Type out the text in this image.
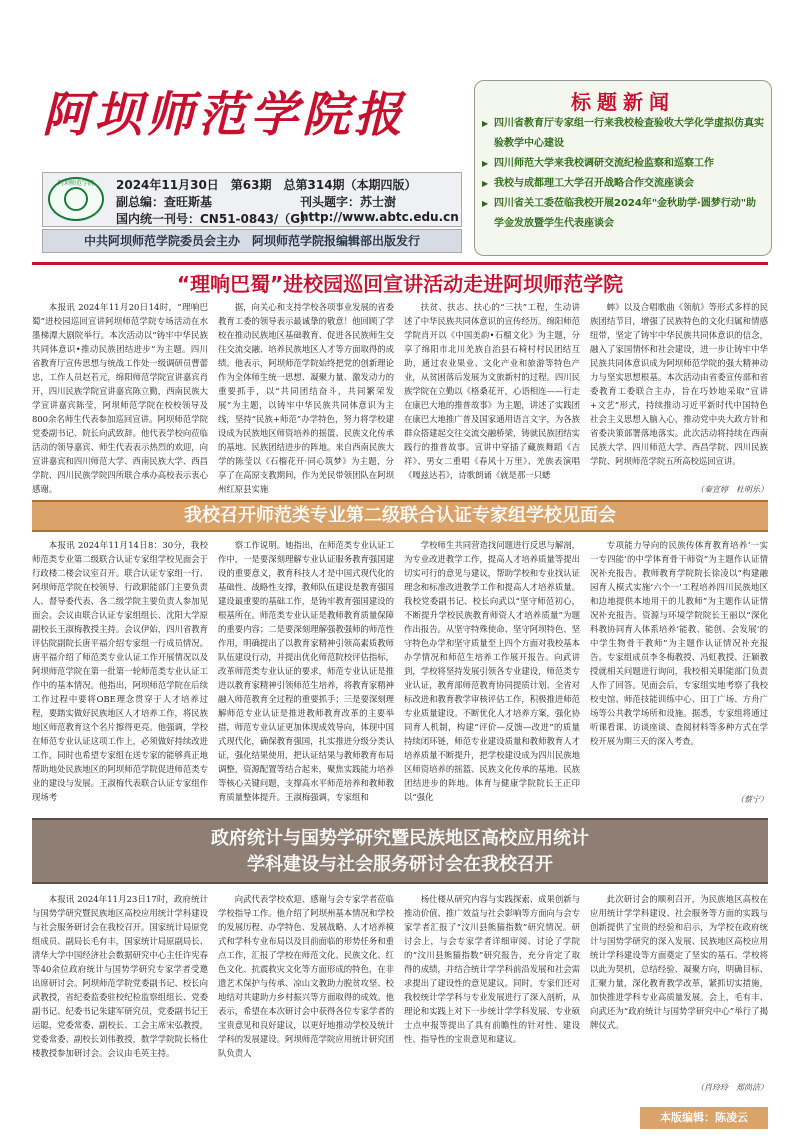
阿坝师范学院报
阿坝师范学院	2024年11月30日　第63期　总第314期（本期四版）
副总编：查旺斯基	刊头题字：苏士澍
国内统一刊号：CN51-0843/（G）
http://www.abtc.edu.cn
中共阿坝师范学院委员会主办　阿坝师范学院报编辑部出版发行
标题新闻
▶ 四川省教育厅专家组一行来我校检查验收大学化学虚拟仿真实验教学中心建设
▶ 四川师范大学来我校调研交流纪检监察和巡察工作
▶ 我校与成都理工大学召开战略合作交流座谈会
▶ 四川省关工委莅临我校开展2024年"金秋助学·圆梦行动"助学金发放暨学生代表座谈会
“理响巴蜀”进校园巡回宣讲活动走进阿坝师范学院

本报讯 2024年11月20日14时，“理响巴蜀”进校园巡回宣讲阿坝师范学院专场活动在水墨梯潭大剧院举行。本次活动以“铸牢中华民族共同体意识•推动民族团结进步”为主题。四川省教育厅宣传思想与统战工作处一级调研员曹蕾忠，工作人员赵若元，绵阳师范学院宣讲嘉宾肖开，四川民族学院宣讲嘉宾陈立勤，西南民族大学宣讲嘉宾陈莹，阿坝师范学院在校校领导及800余名师生代表参加巡回宣讲。阿坝师范学院党委副书记、院长向武致辞。他代表学校向莅临活动的领导嘉宾、师生代表表示热烈的欢迎，向宣讲嘉宾和四川师范大学、西南民族大学、西昌学院、四川民族学院四所联合承办高校表示衷心感谢。

据，向关心和支持学校各项事业发展的省委教育工委的领导表示最诚挚的敬意！他回顾了学校在推动民族地区基础教育、促进各民族师生交往交流交融、培养民族地区人才等方面取得的成绩。他表示，阿坝师范学院始终把党的创新理论作为全体师生统一思想、凝聚力量、激发动力的重要抓手，以“共同团结奋斗，共同繁荣发展”为主题，以铸牢中华民族共同体意识为主线，坚持“民族+师范”办学特色，努力将学校建设成为民族地区师资培养的摇篮、民族文化传承的基地、民族团结进步的阵地。来自西南民族大学的陈莹以《石榴花开·同心筑梦》为主题，分享了在高原支教期间，作为羌民带领团队在阿坝州红原县实施

扶贫、扶志、扶心的“三扶”工程，生动讲述了中华民族共同体意识的宣传经历。绵阳师范学院肖开以《中国美韵•石榴文化》为主题，分享了绵阳市北川羌族自治县石椅村村民团结互助，通过农业果业、文化产业和旅游等特色产业，从贫困落后发展为文旅新村的过程。四川民族学院在立勤以《格桑花开，心语相连——行走在康巴大地的推普故事》为主题，讲述了实践团在康巴大地推广普及国家通用语言文字，为各族群众搭建起交往交流交融桥梁，铸就民族团结实践行的推普故事。宣讲中穿插了藏族舞蹈《吉祥》、男女二重唱《春风十万里》、羌族表演唱《嘎兹达若》，诗歌朗诵《就是那一只蟋

蟀》以及合唱歌曲《领航》等形式多样的民族团结节目，增强了民族特色的文化归属和情感纽带，坚定了铸牢中华民族共同体意识的信念，融入了家国情怀和社会建设，进一步让铸牢中华民族共同体意识成为阿坝师范学院的强大精神动力与坚实思想根基。本次活动由省委宣传部和省委教育工委联合主办，旨在巧妙地采取“宣讲+文艺”形式，持续推动习近平新时代中国特色社会主义思想入脑入心，推动党中央大政方针和省委决策部署落地落实。此次活动将持续在西南民族大学、四川师范大学、西昌学院、四川民族学院、阿坝师范学院五所高校巡回宣讲。

（秦宣婷　杜明乐）
我校召开师范类专业第二级联合认证专家组学校见面会

本报讯 2024年11月14日8：30分，我校师范类专业第二级联合认证专家组学校见面会于行政楼二楼会议室召开。联合认证专家组一行、阿坝师范学院在校领导、行政职能部门主要负责人、督导委代表、各二级学院主要负责人参加见面会。会议由联合认证专家组组长、沈阳大学原副校长王淑梅教授主持。会议伊始，四川省教育评估院副院长唐平福介绍专家组一行成员情况。唐平福介绍了师范类专业认证工作开展情况以及阿坝师范学院在第一批第一轮师范类专业认证工作中的基本情况。他指出，阿坝师范学院在后续工作过程中要将OBE理念贯穿于人才培养过程，要踏实做好民族地区人才培养工作，将民族地区师范教育这个名片擦得更亮。他强调，学校在师范专业认证这项工作上，必须做好持续改进工作，同时也希望专家组在送专家的能够真正地帮助地处民族地区的阿坝师范学院促进师范类专业的建设与发展。王淑梅代表联合认证专家组作现场考

察工作说明。她指出，在师范类专业认证工作中，一是要深刻理解专业认证服务教育强国建设的重要意义，教育科技人才是中国式现代化的基础性、战略性支撑，教师队伍建设是教育强国建设最重要的基础工作，是铸牢教育强国建设的根基所在。师范类专业认证是教师教育质量保障的重要内容；二是要深刻理解强教强师的师范性作用，明确提出了以教育家精神引领高素质教师队伍建设行动，并提出优化师范院校评估指标，改革师范类专业认证的要求，师范专业认证是推进以教育家精神引领师范生培养，将教育家精神融入师范教育全过程的重要抓手；三是要深刻理解师范专业认证是推进教师教育改革的主要举措，师范专业认证更加体现成效导向，体现中国式现代化，确保教育强国，扎实推进分级分类认证，强化结果使用，把认证结果与教师教育布局调整，资源配置等结合起来，聚焦实践能力培养等核心关键问题，支撑高水平师范培养和教师教育质量整体提升。王淑梅强调，专家组和

学校师生共同营造找问题进行反思与解剖，为专业改进教学工作，提高人才培养质量等提出切实可行的意见与建议，帮助学校和专业找认证理念和标准改进教学工作和提高人才培养质量。我校党委副书记、校长向武以“坚守师范初心，不断提升学校民族教育师资人才培养质量”为题作出报告。从坚守特殊使命、坚守阿坝特色、坚守特色办学和坚守质量至上四个方面对我校基本办学情况和师范生培养工作展开报告。向武讲到，学校将坚持发展引领各专业建设，师范类专业认证，教育部师范教育协同提质计划、全省对标改进和教育教学审核评估工作，积极推进师范专业质量建设。不断优化人才培养方案，强化协同育人机制，构建“评价—反馈—改进”的质量持续闭环链，师范专业建设质量和教师教育人才培养质量不断提升，把学校建设成为四川民族地区师资培养的摇篮、民族文化传承的基地、民族团结进步的阵地。体育与健康学院院长王正印以“强化

专项能力导向的民族传体育教育培养‘一实一专四能’的中学体育骨干师资”为主题作认证情况补充报告。教师教育学院院长徐凌以“构建融园育人模式实施‘六个一’工程培养四川民族地区和边地提供本地用干的儿教师”为主题作认证情况补充报告。资源与环境学院院长王丽以“深化科教协同育人体系培养‘能教、能创、会发展’的中学生物骨干教师”为主题作认证情况补充报告。专家组成员李冬梅教授、冯虹教授、汪颖教授就相关问题进行询问，我校相关职能部门负责人作了回答。见面会后，专家组实地考察了我校校史馆、师范技能训练中心、田丁广场、方舟广场等公共教学场所和设施。据悉，专家组将通过听课看课、访谈座谈、查阅材料等多种方式在学校开展为期三天的深入考查。

（蔡宁）
政府统计与国势学研究暨民族地区高校应用统计
学科建设与社会服务研讨会在我校召开

本报讯 2024年11月23日17时，政府统计与国势学研究暨民族地区高校应用统计学科建设与社会服务研讨会在我校召开。国家统计局原党组成员、副局长毛有丰，国家统计局原副局长、清华大学中国经济社会数据研究中心主任许宪春等40余位政府统计与国势学研究专家学者受邀出席研讨会。阿坝师范学院党委副书记、校长向武教授，省纪委监委驻校纪检监察组组长、党委副书记、纪委书记朱建军研究员，党委副书记王运聪，党委常委、副校长、工会主席宋弘教授，党委常委、副校长刘伟教授，数学学院院长杨仕楼教授参加研讨会。会议由毛英主持。

向武代表学校欢迎、感谢与会专家学者莅临学校指导工作。他介绍了阿坝州基本情况和学校的发展历程、办学特色、发展战略、人才培养模式和学科专业布局以及目前面临的形势任务和重点工作，汇报了学校在师范文化、民族文化、红色文化、抗震救灾文化等方面形成的特色，在非遗艺术保护与传承、凉山文教助力脱贫攻坚、校地结对共建助力乡村振兴等方面取得的成效。他表示，希望在本次研讨会中获得各位专家学者的宝贵意见和良好建议，以更好地推动学校及统计学科的发展建设。阿坝师范学院应用统计研究团队负责人

杨仕楼从研究内容与实践探索、成果创新与推动价值、推广效益与社会影响等方面向与会专家学者汇报了“汶川县熊猫指数”研究情况。研讨会上，与会专家学者详细审阅、讨论了学院的“汶川县熊猫指数”研究报告，充分肯定了取得的成绩，并结合统计学学科前沿发展和社会需求提出了建设性的意见建议。同时，专家们还对我校统计学学科与专业发展进行了深入剖析，从理论和实践上对下一步统计学学科发展、专业硕士点申报等提出了具有前瞻性的针对性、建设性、指导性的宝贵意见和建议。

此次研讨会的顺利召开，为民族地区高校在应用统计学学科建设、社会服务等方面的实践与创新提供了宝贵的经验和启示，为学校在政府统计与国势学研究的深入发展、民族地区高校应用统计学科建设等方面奠定了坚实的基石。学校将以此为契机，总结经验、凝聚方向，明确目标、汇聚力量，深化教育教学改革，紧抓切实措施，加快推进学科专业高质量发展。会上，毛有丰、向武还为“政府统计与国势学研究中心”举行了揭牌仪式。

（肖玲玲　郑尚洁）
本版编辑：陈凌云
